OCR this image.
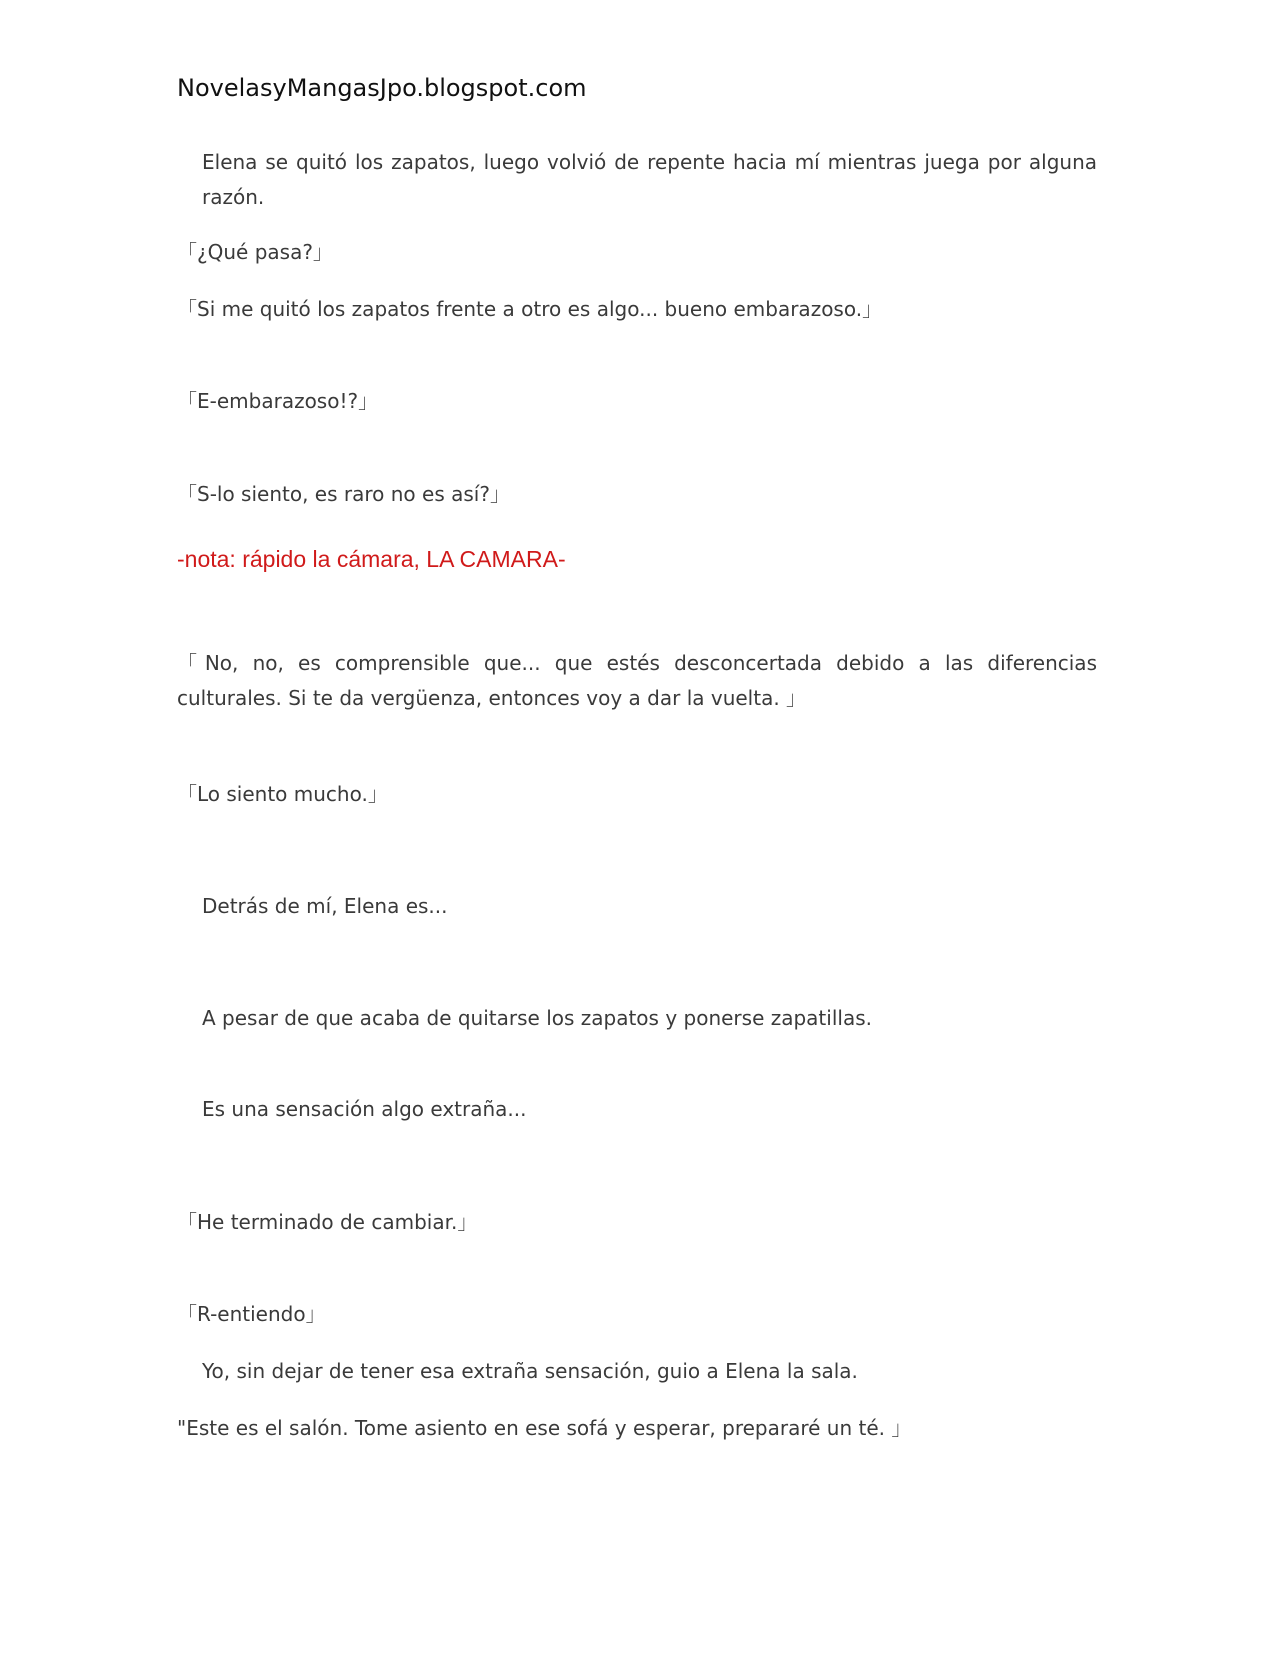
NovelasyMangasJpo.blogspot.com
Elena se quitó los zapatos, luego volvió de repente hacia mí mientras juega por alguna razón.
「¿Qué pasa?」
「Si me quitó los zapatos frente a otro es algo... bueno embarazoso.」
「E-embarazoso!?」
「S-lo siento, es raro no es así?」
-nota: rápido la cámara, LA CAMARA-
「No, no, es comprensible que... que estés desconcertada debido a las diferencias culturales. Si te da vergüenza, entonces voy a dar la vuelta. 」
「Lo siento mucho.」
Detrás de mí, Elena es...
A pesar de que acaba de quitarse los zapatos y ponerse zapatillas.
Es una sensación algo extraña...
「He terminado de cambiar.」
「R-entiendo」
Yo, sin dejar de tener esa extraña sensación, guio a Elena la sala.
"Este es el salón. Tome asiento en ese sofá y esperar, prepararé un té. 」
